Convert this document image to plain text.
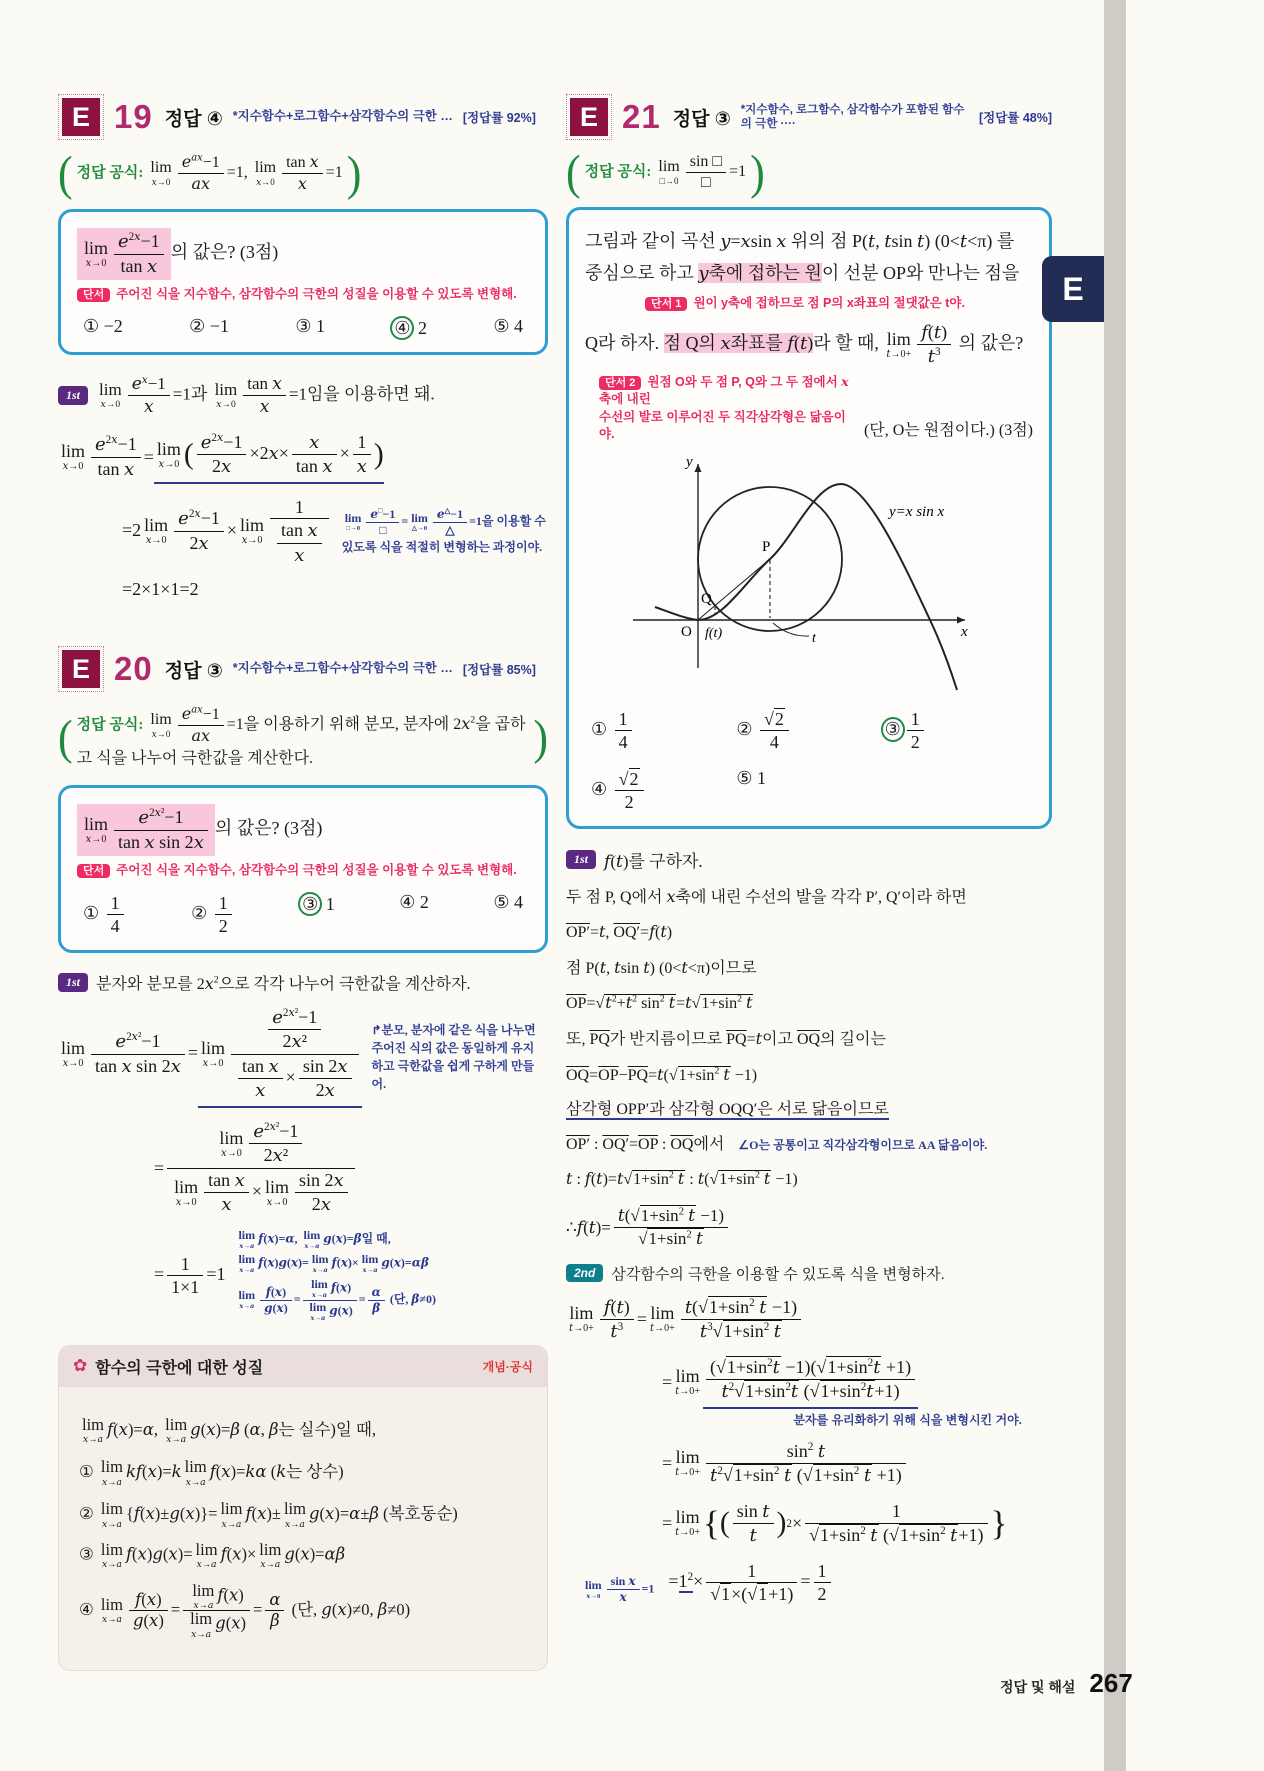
E 19 정답 ④ *지수함수+로그함수+삼각함수의 극한 … [정답률 92%]
( 정답 공식: lim
x→0
$e^{ax}-1$
ax
=1, lim
$x\to 0 \frac{\text{tan x}}{x} =1$ )
lim
$x\to 0 \frac{e^{2x}-1}{\text{tan x}}$ 의 값은? (3점)
단서 주어진 식을 지수함수, 삼각함수의 극한의 성질을 이용할 수 있도록 변형해.
① −2	② −1	③ 1	④ 2	⑤ 4
1st	lim
$x\to 0 \frac{e^x-1}{x} =1$과 lim
$x\to 0 \frac{\text{tan x}}{x} =1$임을 이용하면 돼.
lim
x→0
$e^{2x}-1$
tan x
= lim
x→0 ( $\frac{e^{2x}-1}{2x} \times 2x\times \frac{x}{\text{tan x}} \times \frac{1}{x}$ )
=2 lim
$x\to 0 \frac{e^{2x}-1}{2x} \times \lim$
$x\to 0 \frac{1}{\frac{\text{tan x}}{x}}$ lim
□→0
e□−1
□
= lim
△→0
e△−1
△
=1을 이용할 수 있도록 식을 적절히 변형하는 과정이야.
=2×1×1=2
E 20 정답 ③ *지수함수+로그함수+삼각함수의 극한 … [정답률 85%]
( 정답 공식: lim
x→0
$e^{ax}-1$
ax
=1을 이용하기 위해 분모, 분자에 $2x^2$을 곱하고 식을 나누어 극한값을 계산한다.	)
lim
$x\to 0 \frac{e^{2x^2}-1}{\text{tan x sin 2x}}$ 의 값은? (3점)
단서 주어진 식을 지수함수, 삼각함수의 극한의 성질을 이용할 수 있도록 변형해.
① $\frac{1}{4}$	② $\frac{1}{2}$	③ 1	④ 2	⑤ 4
1st	분자와 분모를 $2x^2$으로 각각 나누어 극한값을 계산하자.
lim
$x\to 0 \frac{e^{2x^2}-1}{\text{tan x sin 2x}} = \lim$
$x\to 0 \frac{\frac{e^{2x^2}-1}{\text{2x²}}}{\frac{\text{tan x}}{x} \times \frac{\sin 2x}{2x}}$ ↱분모, 분자에 같은 식을 나누면 주어진 식의 값은 동일하게 유지하고 극한값을 쉽게 구하게 만들어.
=
lim
$x\to 0 \frac{e^{2x^2}-1}{\text{2x²}}$
lim
$x\to 0 \frac{\text{tan x}}{x} \times \lim$
$x\to 0 \frac{\sin 2x}{2x}$
= $\frac{1}{1\times 1} =1$
lim
x→a
f(x)=α, lim
x→a
g(x)=β일 때,
lim
x→a
f(x)g(x)= lim
x→a
f(x)× lim
x→a
g(x)=αβ
lim
$x\to a \frac{f(x)}{g(x)} = \lim$
x→a
f(x)
lim
x→a
$g(x) = \frac{\alpha}{\beta}$ (단, β≠0)
✿ 함수의 극한에 대한 성질	개념·공식
lim
x→a
f(x)=α, lim
x→a
g(x)=β (α, β는 실수)일 때,
① lim
x→a
kf(x)=k lim
x→a
f(x)=kα (k는 상수)
② lim
x→a
{f(x)±g(x)}= lim
x→a
f(x)± lim
x→a
g(x)=α±β (복호동순)
③ lim
x→a
f(x)g(x)= lim
x→a
f(x)× lim
x→a
g(x)=αβ
④ lim
$x\to a \frac{f(x)}{g(x)} = \lim$
x→a
f(x)
lim
x→a
$g(x) = \frac{\alpha}{\beta}$ (단, g(x)≠0, β≠0)
E 21 정답 ③ *지수함수, 로그함수, 삼각함수가 포함된 함수의 극한 ····	[정답률 48%]
( 정답 공식: lim
□→0
sin □
□
=1 )
그림과 같이 곡선 y=xsin x 위의 점 P(t, tsin t) (0<t<π) 를 중심으로 하고 y축에 접하는 원이 선분 OP와 만나는 점을
단서 1 원이 y축에 접하므로 점 P의 x좌표의 절댓값은 t야.
Q라 하자. 점 Q의 x좌표를 f(t)라 할 때, lim
$t\to 0+ \frac{f(t)}{t^3}$ 의 값은?
단서 2 원점 O와 두 점 P, Q와 그 두 점에서 x축에 내린
수선의 발로 이루어진 두 직각삼각형은 닮음이야.	(단, O는 원점이다.) (3점)
y
x
O f(t)	t
P
Q
y=x sin x
① $\frac{1}{4}$	② $\frac{√2}{4}$	③ $\frac{1}{2}$
④ $\frac{√2}{2}$	⑤ 1
1st f(t)를 구하자.
두 점 P, Q에서 x축에 내린 수선의 발을 각각 P′, Q′이라 하면
OP′=t, OQ′=f(t)
점 P(t, tsin t) (0<t<π)이므로
$\overline{OP}=√t^2+t^2$ $\sin^2 t=t√1+\sin^2$ t
또, $\overline{PQ}$가 반지름이므로 $\overline{PQ}=t$이고 $\overline{OQ}$의 길이는
$\overline{OQ}=\overline{OP}-\overline{PQ}=t(√1+\sin^2$ t −1)
삼각형 OPP′과 삼각형 OQQ′은 서로 닮음이므로
OP′ : $OQ'=\overline{OP}$ : $\overline{OQ}$에서 ∠O는 공통이고 직각삼각형이므로 AA 닮음이야.
t : $f(t)=t√1+\sin^2$ t : $t(√1+\sin^2$ t −1)
∴ f ( t )=
$t(√1+\sin^2$ t −1)
$√1+\sin^2$ t
2nd	삼각함수의 극한을 이용할 수 있도록 식을 변형하자.
lim
$t\to 0+ \frac{f(t)}{t^3} = \lim$
$t\to 0+ \frac{t(√1+\sin^2 t -1)}{t^3√1+\sin^2 t}$
= lim
$t\to 0+ \frac{(√1+\sin^2t -1)(√1+\sin^2t +1)}{t^2√1+\sin^2t (√1+\sin^2t+1)}$
분자를 유리화하기 위해 식을 변형시킨 거야.
= lim
$t\to 0+ \frac{\sin^2 t}{t^2√1+\sin^2 t (√1+\sin^2 t +1)}$
= lim
t→0+ { ( sin t
t ) 2 ×
1
$√1+\sin^2$ t ($√1+\sin^2$ t+1) }
lim
$x\to 0 \frac{\text{sin x}}{x} =1 =1^2\times \frac{1}{√1\times(√1+1)} = \frac{1}{2}$
E
정답 및 해설 267
